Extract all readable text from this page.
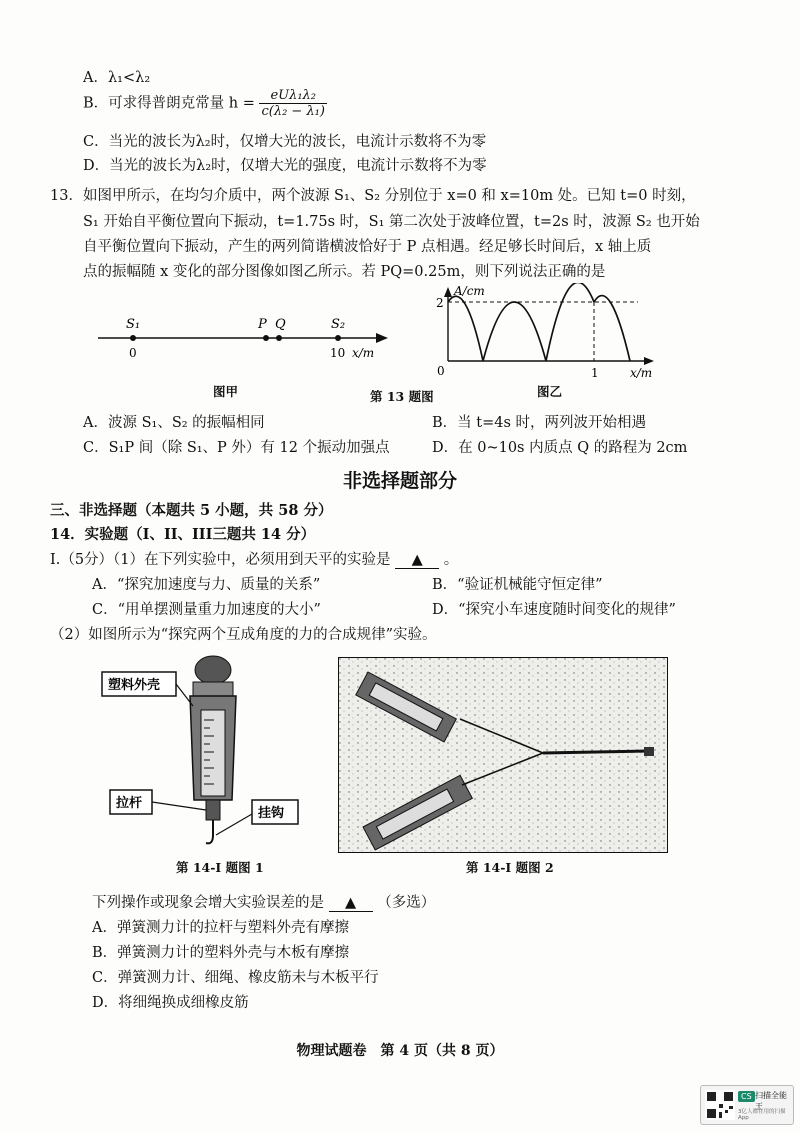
A．λ₁<λ₂
B．可求得普朗克常量 $h = \frac{\text{eUλ₁λ₂}}{\text{c(λ₂ − λ₁)}}$
C．当光的波长为λ₂时，仅增大光的波长，电流计示数将不为零
D．当光的波长为λ₂时，仅增大光的强度，电流计示数将不为零
13．如图甲所示，在均匀介质中，两个波源 S₁、S₂ 分别位于 x=0 和 x=10m 处。已知 t=0 时刻，
S₁ 开始自平衡位置向下振动，t=1.75s 时，S₁ 第二次处于波峰位置，t=2s 时，波源 S₂ 也开始
自平衡位置向下振动，产生的两列简谐横波恰好于 P 点相遇。经足够长时间后，x 轴上质
点的振幅随 x 变化的部分图像如图乙所示。若 PQ=0.25m，则下列说法正确的是
S₁	P Q	S₂
0	10 x/m
A/cm
2
0	1	x/m
图甲	第 13 题图	图乙
A．波源 S₁、S₂ 的振幅相同	B．当 t=4s 时，两列波开始相遇
C．S₁P 间（除 S₁、P 外）有 12 个振动加强点	D．在 0~10s 内质点 Q 的路程为 2cm
非选择题部分
三、非选择题（本题共 5 小题，共 58 分）
14．实验题（I、II、III三题共 14 分）
I.（5分）（1）在下列实验中，必须用到天平的实验是 ▲ 。
A．“探究加速度与力、质量的关系”	B．“验证机械能守恒定律”
C．“用单摆测量重力加速度的大小”	D．“探究小车速度随时间变化的规律”
（2）如图所示为“探究两个互成角度的力的合成规律”实验。
塑料外壳
拉杆
挂钩
第 14-I 题图 1	第 14-I 题图 2
下列操作或现象会增大实验误差的是 ▲ （多选）
A．弹簧测力计的拉杆与塑料外壳有摩擦
B．弹簧测力计的塑料外壳与木板有摩擦
C．弹簧测力计、细绳、橡皮筋未与木板平行
D．将细绳换成细橡皮筋
物理试题卷　第 4 页（共 8 页）
CS 扫描全能王
3亿人都在用的扫描App
